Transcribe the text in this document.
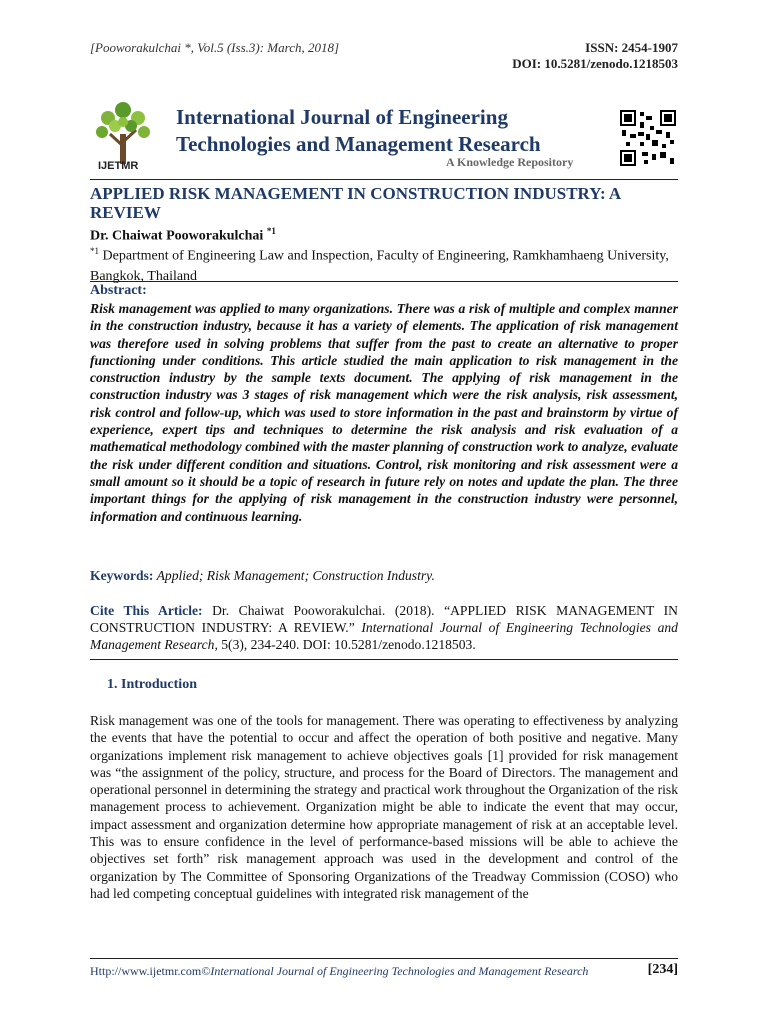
[Pooworakulchai *, Vol.5 (Iss.3): March, 2018]	ISSN: 2454-1907
DOI: 10.5281/zenodo.1218503
IJETMR
International Journal of Engineering
Technologies and Management Research
A Knowledge Repository
APPLIED RISK MANAGEMENT IN CONSTRUCTION INDUSTRY: A REVIEW
Dr. Chaiwat Pooworakulchai $^{*1}$
$^{*1}$ Department of Engineering Law and Inspection, Faculty of Engineering, Ramkhamhaeng University, Bangkok, Thailand
Abstract:
Risk management was applied to many organizations. There was a risk of multiple and complex manner in the construction industry, because it has a variety of elements. The application of risk management was therefore used in solving problems that suffer from the past to create an alternative to proper functioning under conditions. This article studied the main application to risk management in the construction industry by the sample texts document. The applying of risk management in the construction industry was 3 stages of risk management which were the risk analysis, risk assessment, risk control and follow-up, which was used to store information in the past and brainstorm by virtue of experience, expert tips and techniques to determine the risk analysis and risk evaluation of a mathematical methodology combined with the master planning of construction work to analyze, evaluate the risk under different condition and situations. Control, risk monitoring and risk assessment were a small amount so it should be a topic of research in future rely on notes and update the plan. The three important things for the applying of risk management in the construction industry were personnel, information and continuous learning.
Keywords: Applied; Risk Management; Construction Industry.
Cite This Article: Dr. Chaiwat Pooworakulchai. (2018). “APPLIED RISK MANAGEMENT IN CONSTRUCTION INDUSTRY: A REVIEW.” International Journal of Engineering Technologies and Management Research, 5(3), 234-240. DOI: 10.5281/zenodo.1218503.
1. Introduction
Risk management was one of the tools for management. There was operating to effectiveness by analyzing the events that have the potential to occur and affect the operation of both positive and negative. Many organizations implement risk management to achieve objectives goals [1] provided for risk management was “the assignment of the policy, structure, and process for the Board of Directors. The management and operational personnel in determining the strategy and practical work throughout the Organization of the risk management process to achievement. Organization might be able to indicate the event that may occur, impact assessment and organization determine how appropriate management of risk at an acceptable level. This was to ensure confidence in the level of performance-based missions will be able to achieve the objectives set forth” risk management approach was used in the development and control of the organization by The Committee of Sponsoring Organizations of the Treadway Commission (COSO) who had led competing conceptual guidelines with integrated risk management of the
Http://www.ijetmr.com©International Journal of Engineering Technologies and Management Research	[234]
